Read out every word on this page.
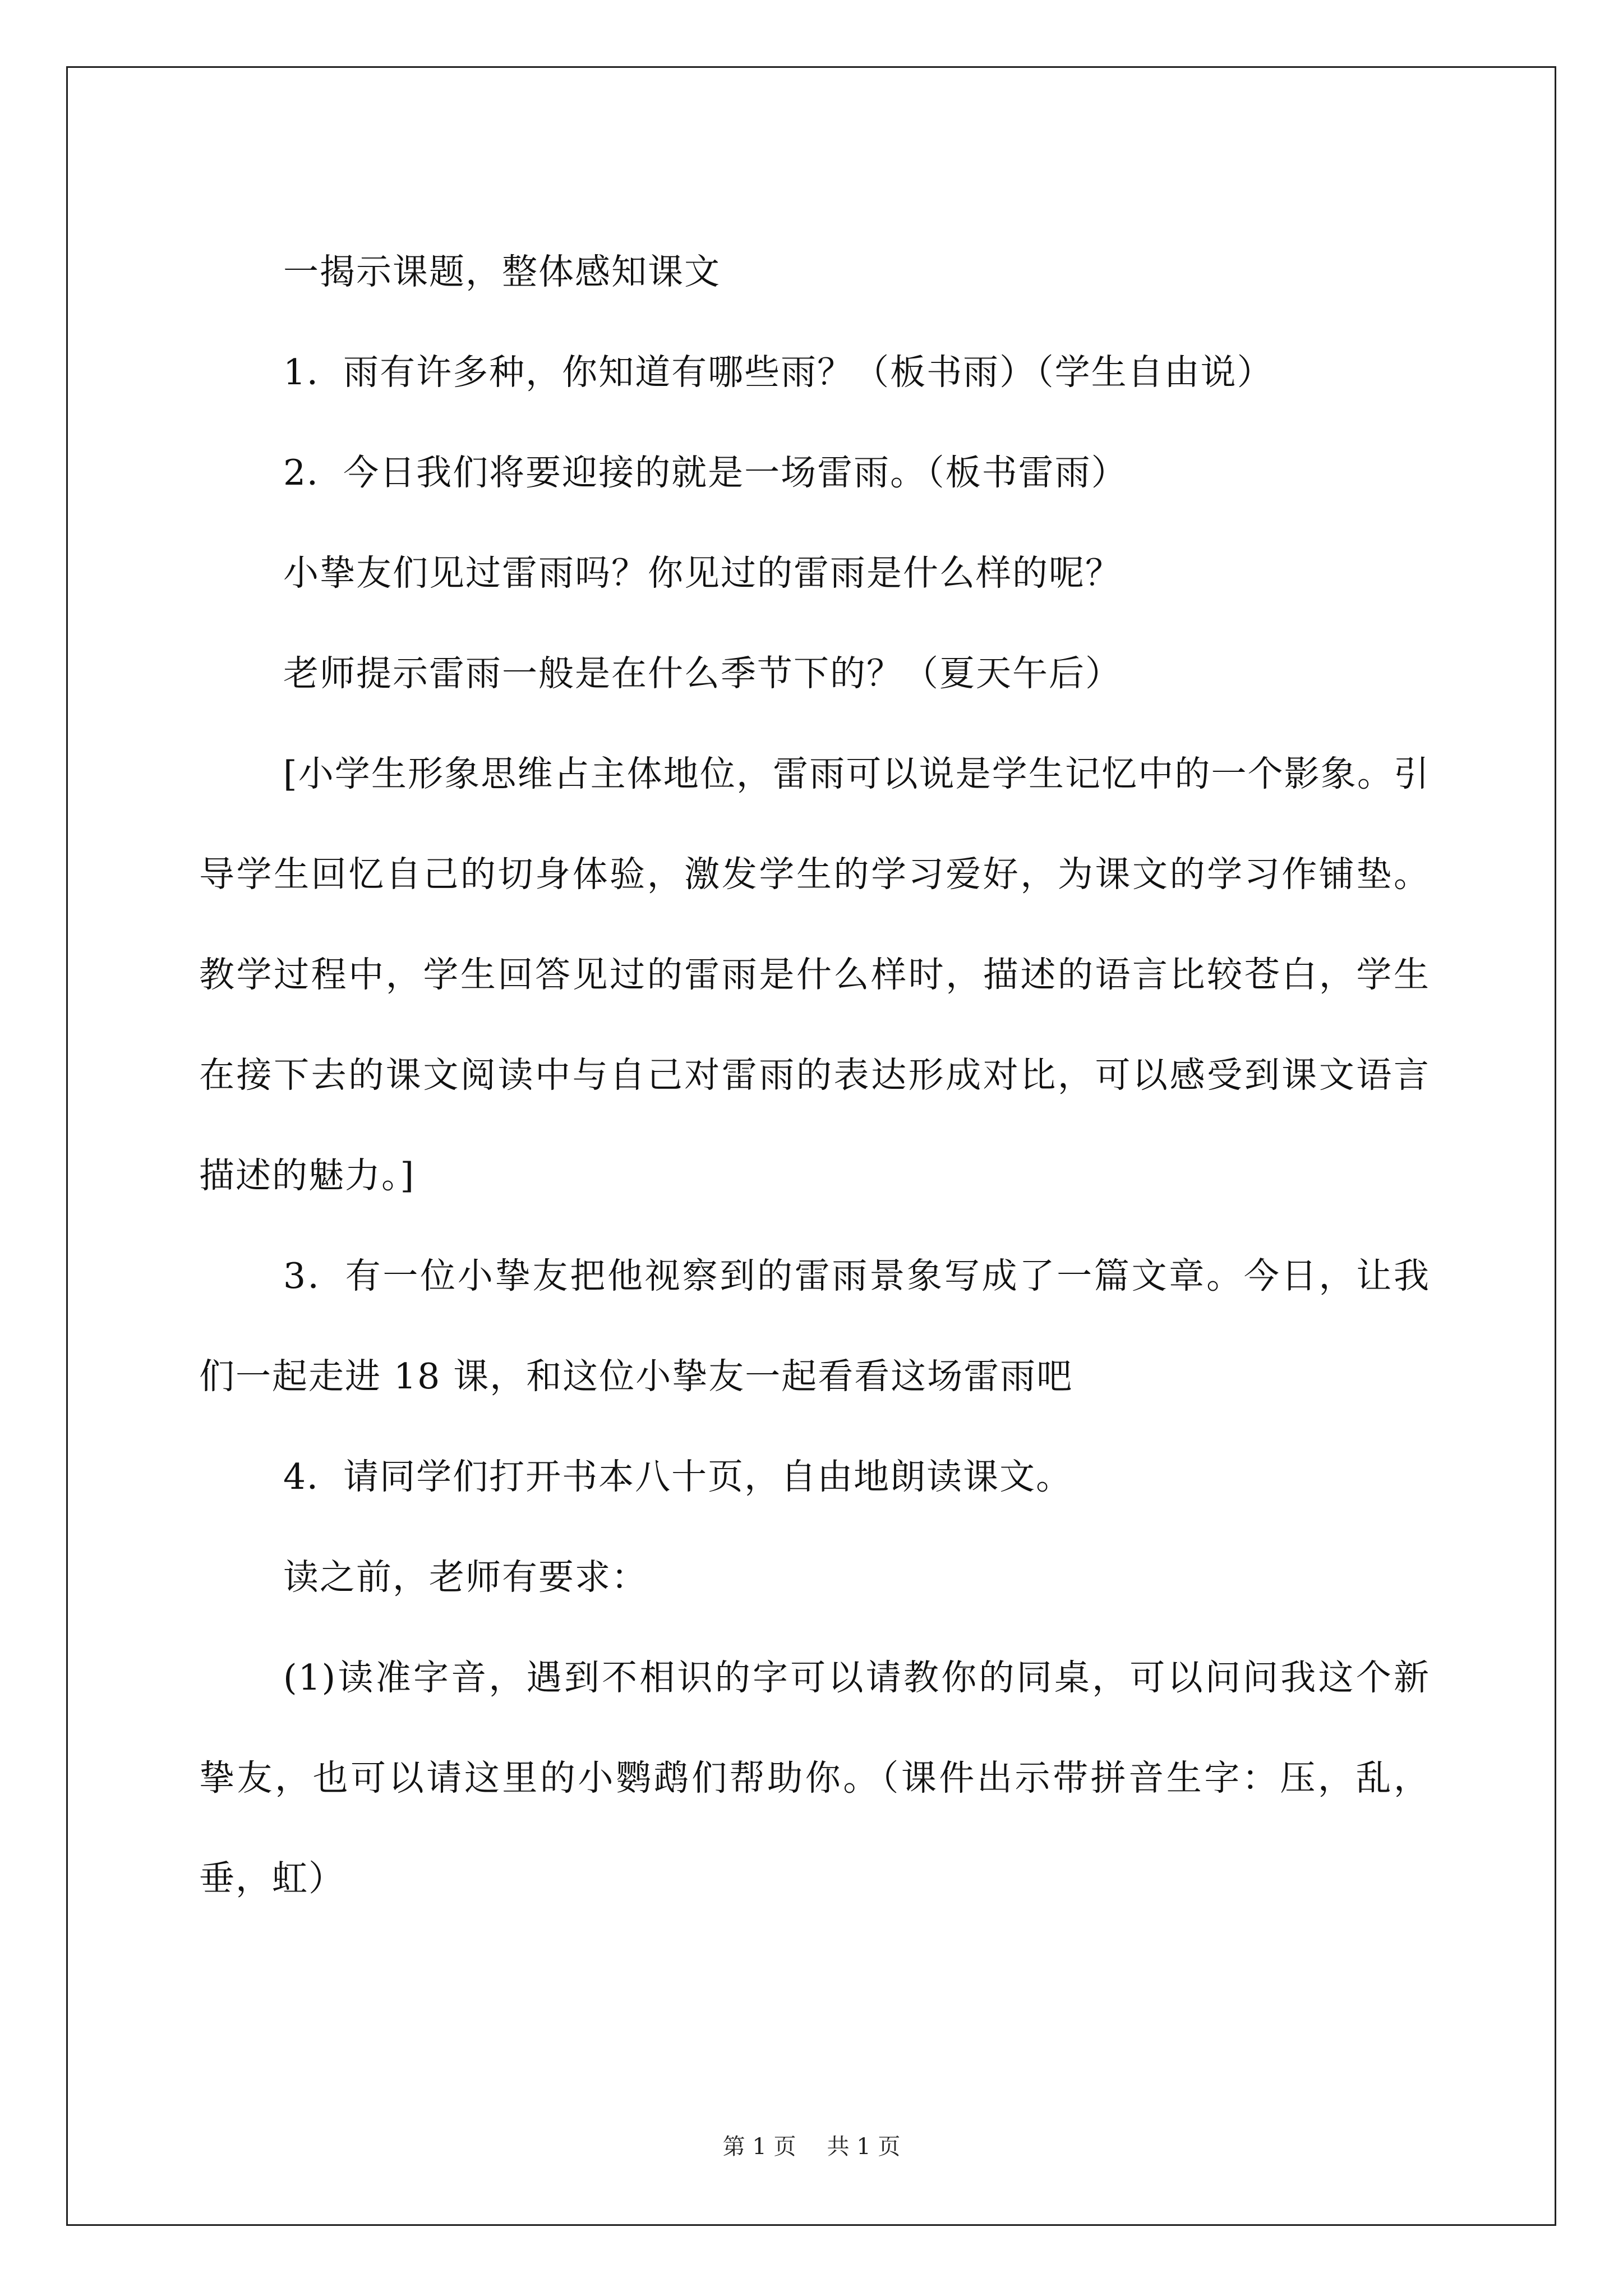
一揭示课题，整体感知课文

1．雨有许多种，你知道有哪些雨？（板书雨）（学生自由说）

2．今日我们将要迎接的就是一场雷雨。（板书雷雨）

小挚友们见过雷雨吗？你见过的雷雨是什么样的呢？

老师提示雷雨一般是在什么季节下的？（夏天午后）

[小学生形象思维占主体地位，雷雨可以说是学生记忆中的一个影象。引导学生回忆自己的切身体验，激发学生的学习爱好，为课文的学习作铺垫。教学过程中，学生回答见过的雷雨是什么样时，描述的语言比较苍白，学生在接下去的课文阅读中与自己对雷雨的表达形成对比，可以感受到课文语言描述的魅力。]

3．有一位小挚友把他视察到的雷雨景象写成了一篇文章。今日，让我们一起走进 18 课，和这位小挚友一起看看这场雷雨吧

4．请同学们打开书本八十页，自由地朗读课文。

读之前，老师有要求：

(1)读准字音，遇到不相识的字可以请教你的同桌，可以问问我这个新挚友，也可以请这里的小鹦鹉们帮助你。（课件出示带拼音生字：压，乱，垂，虹）

第 1 页 共 1 页
